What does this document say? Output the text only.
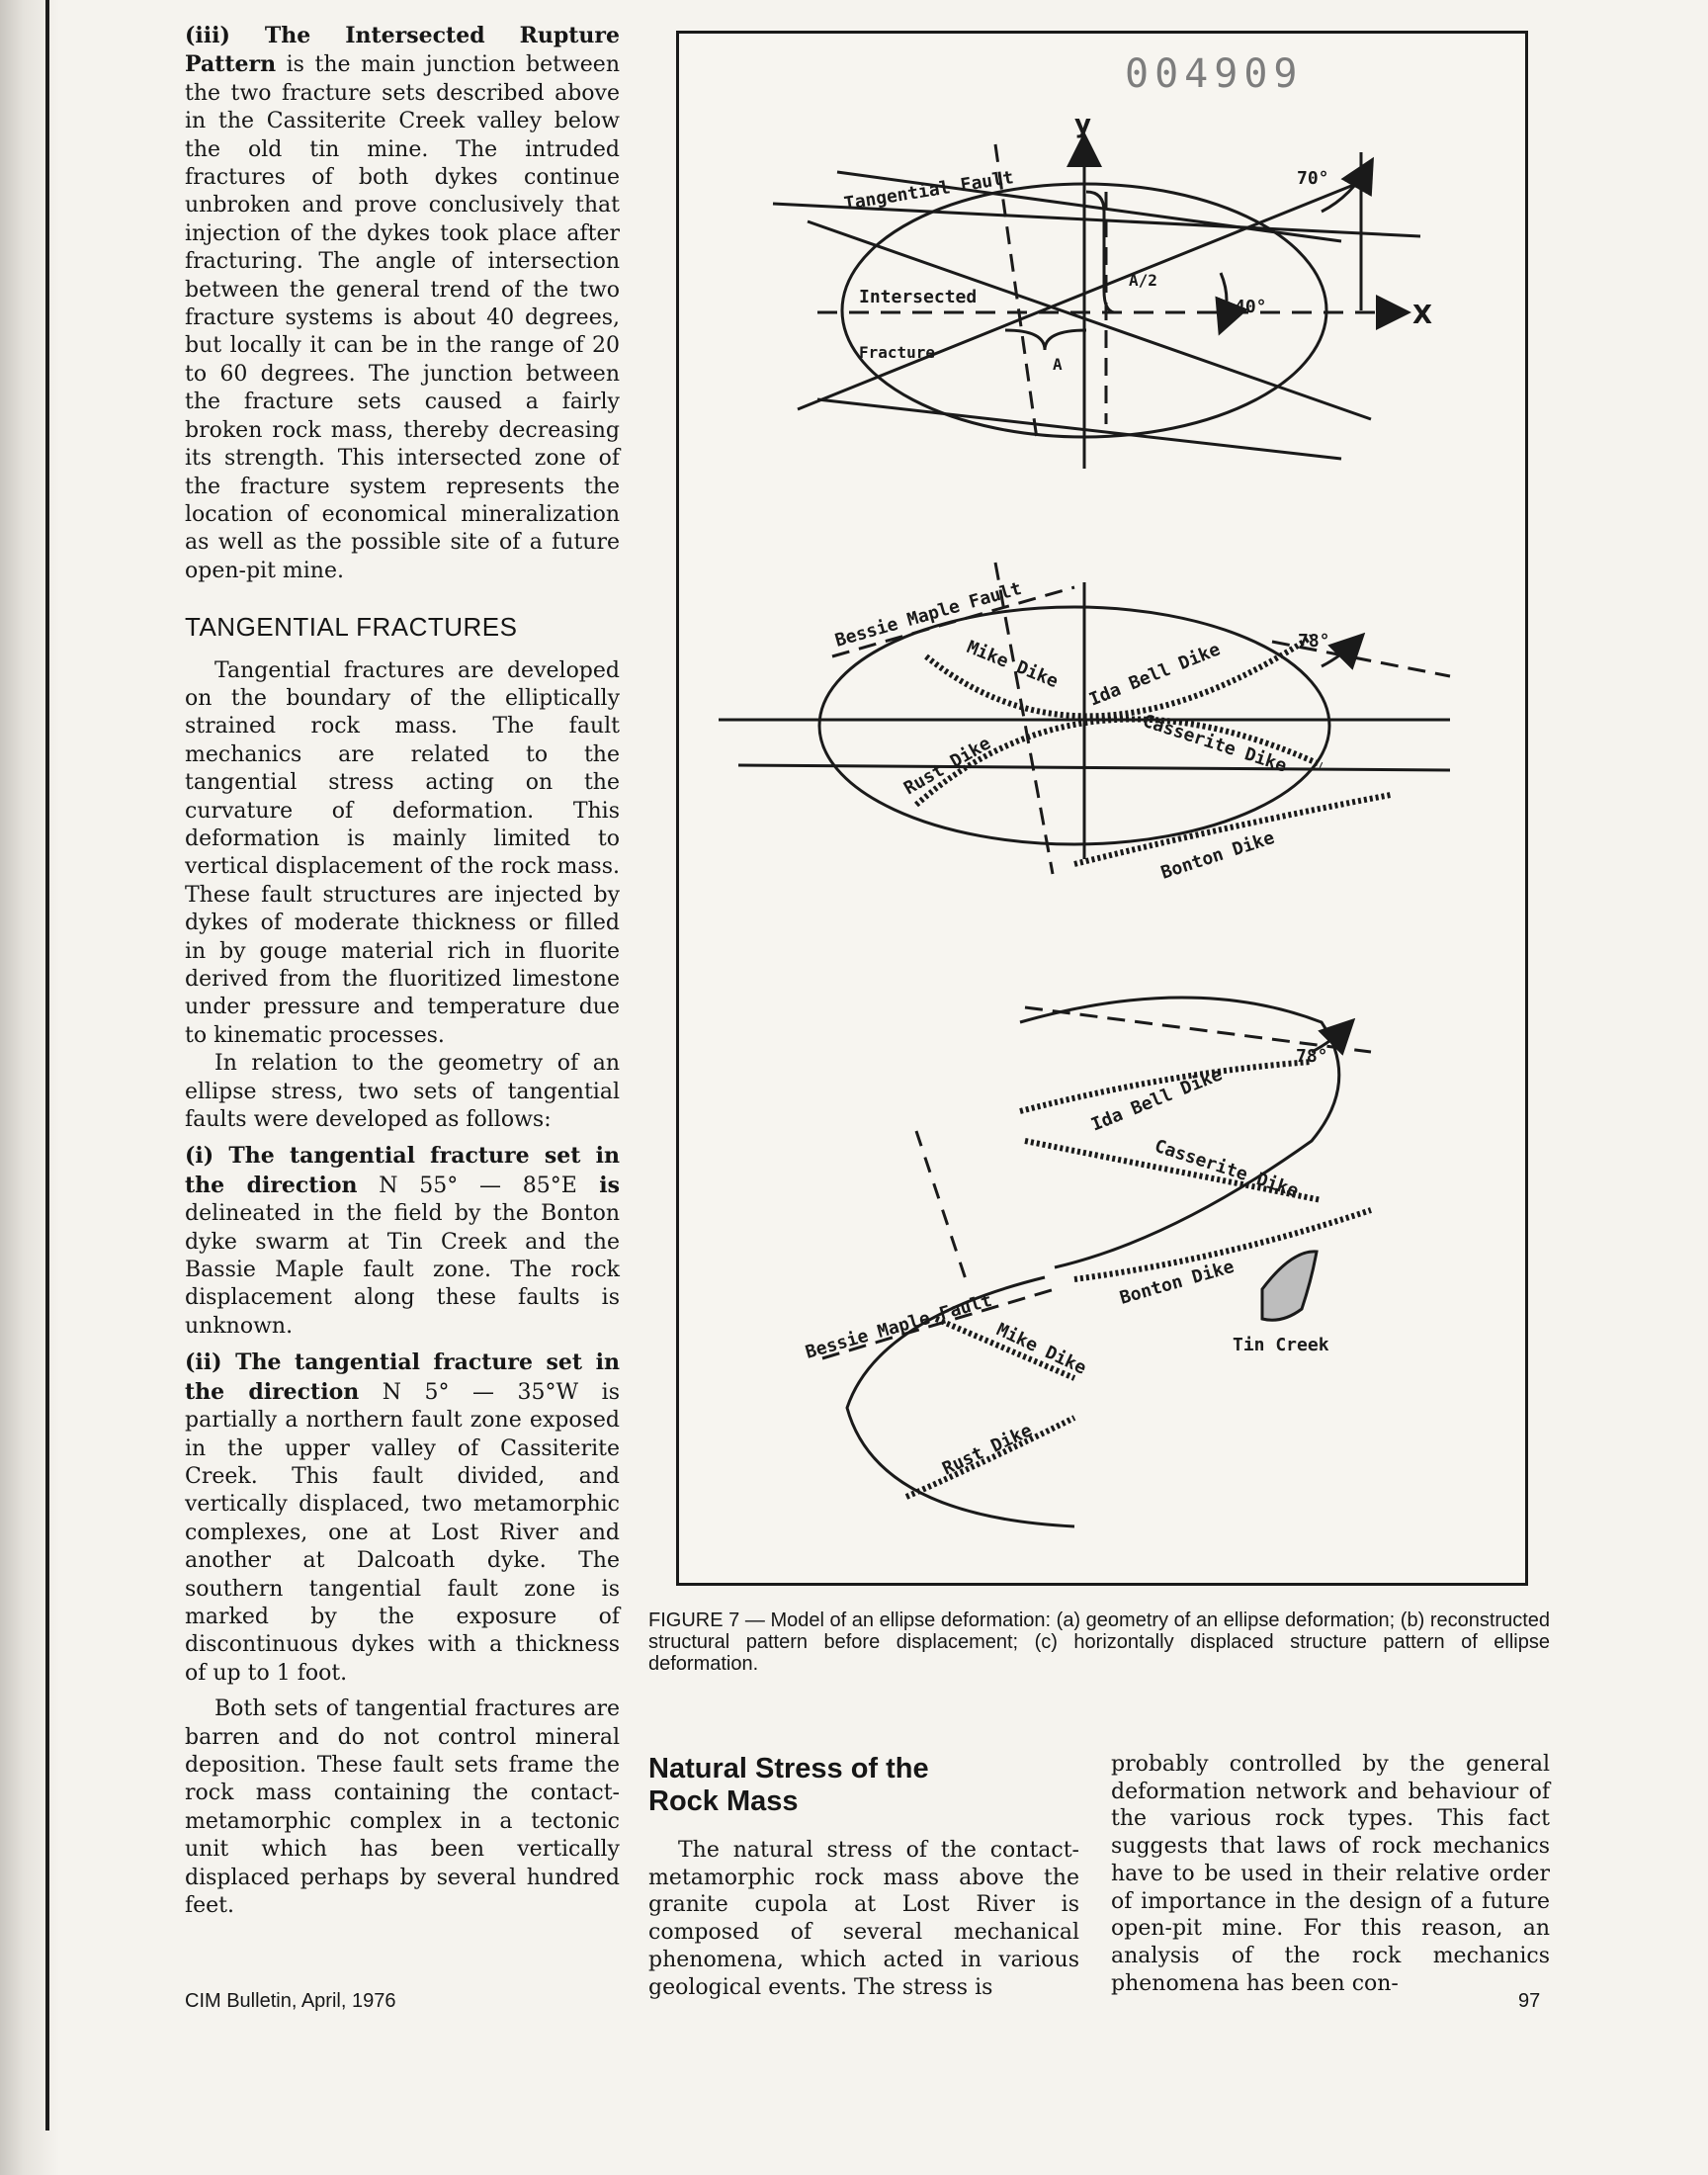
(iii) The Intersected Rupture Pattern is the main junction between the two fracture sets described above in the Cassiterite Creek valley below the old tin mine. The intruded fractures of both dykes continue unbroken and prove conclusively that injection of the dykes took place after fracturing. The angle of intersection between the general trend of the two fracture systems is about 40 degrees, but locally it can be in the range of 20 to 60 degrees. The junction between the fracture sets caused a fairly broken rock mass, thereby decreasing its strength. This intersected zone of the fracture system represents the location of economical mineralization as well as the possible site of a future open-pit mine.

TANGENTIAL FRACTURES

Tangential fractures are developed on the boundary of the elliptically strained rock mass. The fault mechanics are related to the tangential stress acting on the curvature of deformation. This deformation is mainly limited to vertical displacement of the rock mass. These fault structures are injected by dykes of moderate thickness or filled in by gouge material rich in fluorite derived from the fluoritized limestone under pressure and temperature due to kinematic processes.

In relation to the geometry of an ellipse stress, two sets of tangential faults were developed as follows:

(i) The tangential fracture set in the direction N 55° — 85°E is delineated in the field by the Bonton dyke swarm at Tin Creek and the Bassie Maple fault zone. The rock displacement along these faults is unknown.

(ii) The tangential fracture set in the direction N 5° — 35°W is partially a northern fault zone exposed in the upper valley of Cassiterite Creek. This fault divided, and vertically displaced, two metamorphic complexes, one at Lost River and another at Dalcoath dyke. The southern tangential fault zone is marked by the exposure of discontinuous dykes with a thickness of up to 1 foot.

Both sets of tangential fractures are barren and do not control mineral deposition. These fault sets frame the rock mass containing the contact-metamorphic complex in a tectonic unit which has been vertically displaced perhaps by several hundred feet.

y
X
Tangential Fault
Intersected
Fracture
A/2
A
70°
40°
Bessie Maple Fault
Mike Dike Ida Bell Dike
Casserite Dike
Rust Dike
Bonton Dike
78°
Ida Bell Dike
Casserite Dike
Bonton Dike
Tin Creek
Bessie Maple Fault
Mike Dike
Rust Dike
78°
004909
FIGURE 7 — Model of an ellipse deformation: (a) geometry of an ellipse deformation; (b) reconstructed structural pattern before displacement; (c) horizontally displaced structure pattern of ellipse deformation.
Natural Stress of the Rock Mass

The natural stress of the contact-metamorphic rock mass above the granite cupola at Lost River is composed of several mechanical phenomena, which acted in various geological events. The stress is

probably controlled by the general deformation network and behaviour of the various rock types. This fact suggests that laws of rock mechanics have to be used in their relative order of importance in the design of a future open-pit mine. For this reason, an analysis of the rock mechanics phenomena has been con-

CIM Bulletin, April, 1976	97
